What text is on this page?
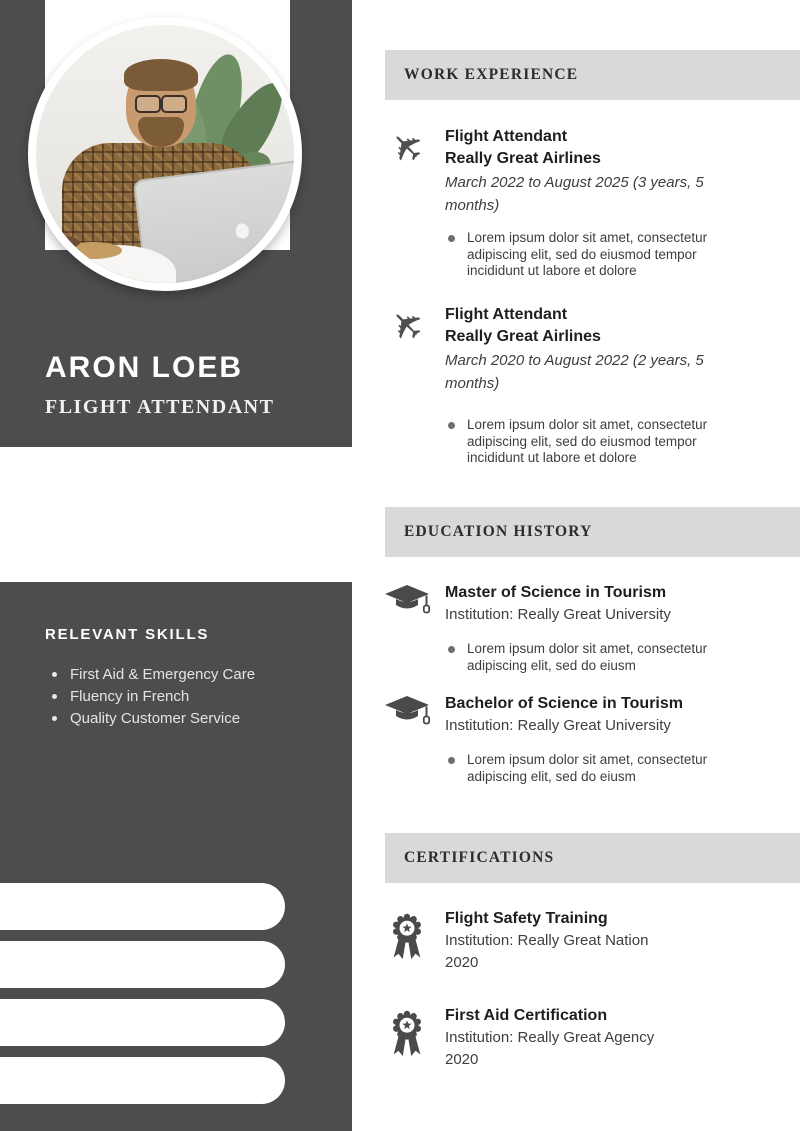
ARON LOEB
FLIGHT ATTENDANT
RELEVANT SKILLS
First Aid & Emergency Care
Fluency in French
Quality Customer Service
WORK EXPERIENCE
✈ Flight Attendant
Really Great Airlines
March 2022 to August 2025 (3 years, 5 months)
Lorem ipsum dolor sit amet, consectetur adipiscing elit, sed do eiusmod tempor incididunt ut labore et dolore
✈ Flight Attendant
Really Great Airlines
March 2020 to August 2022 (2 years, 5 months)
Lorem ipsum dolor sit amet, consectetur adipiscing elit, sed do eiusmod tempor incididunt ut labore et dolore
EDUCATION HISTORY
Master of Science in Tourism
Institution: Really Great University
Lorem ipsum dolor sit amet, consectetur adipiscing elit, sed do eiusm
Bachelor of Science in Tourism
Institution: Really Great University
Lorem ipsum dolor sit amet, consectetur adipiscing elit, sed do eiusm
CERTIFICATIONS
Flight Safety Training
Institution: Really Great Nation
2020
First Aid Certification
Institution: Really Great Agency
2020
